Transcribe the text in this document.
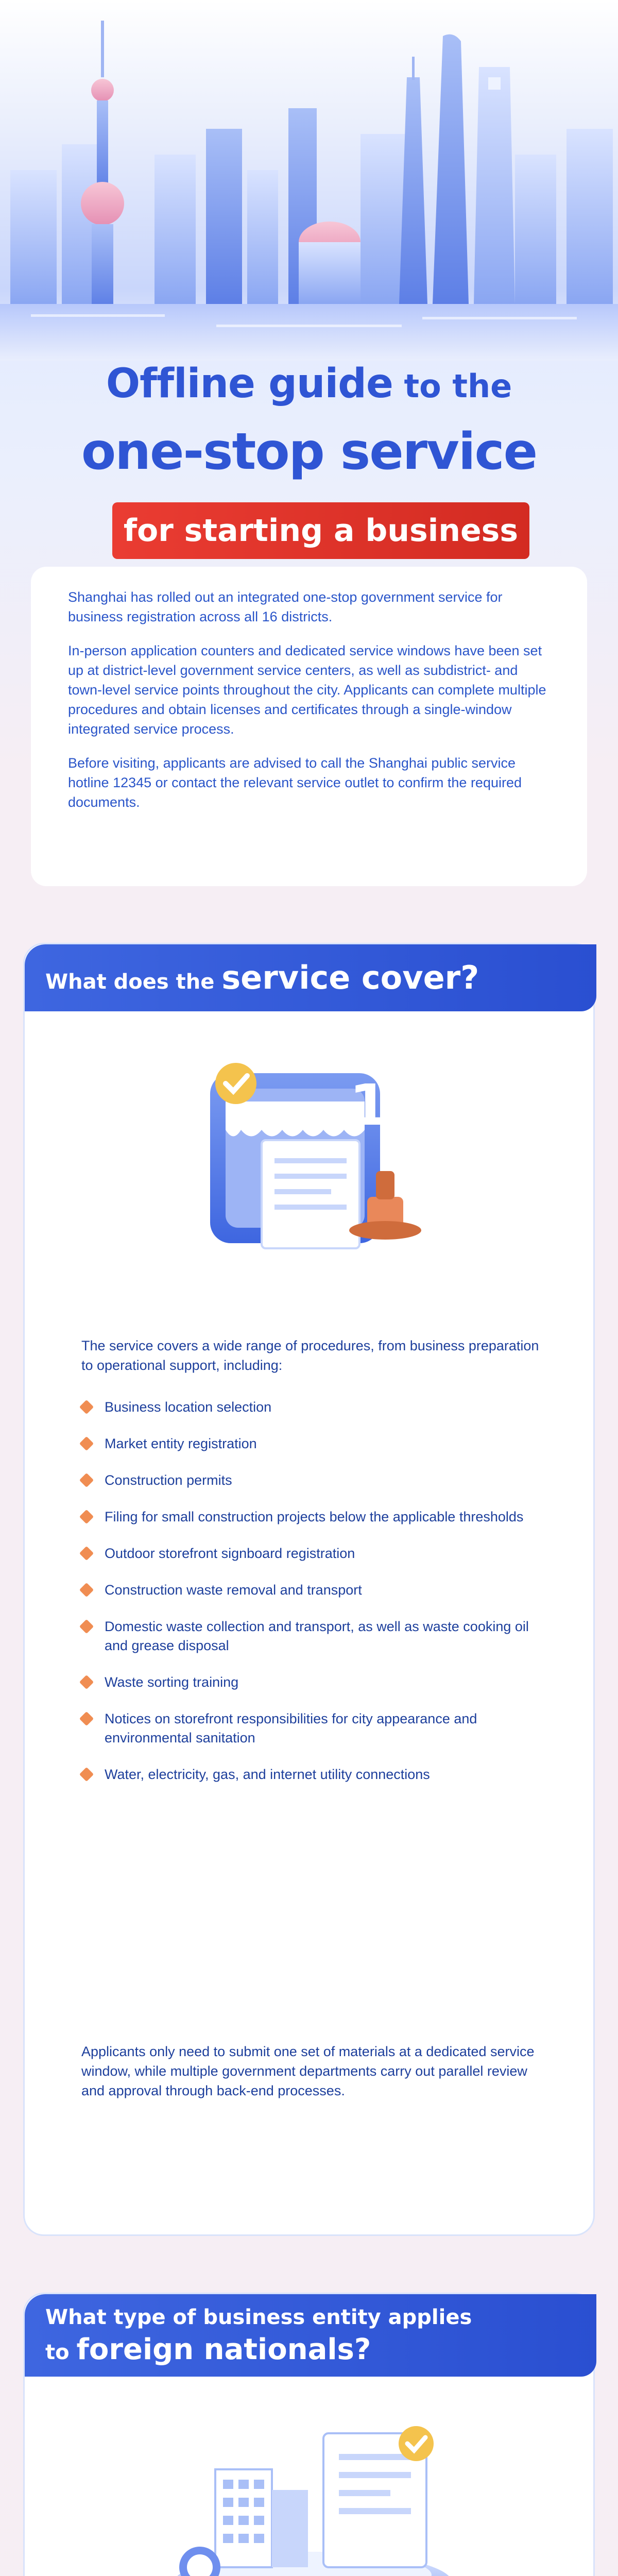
Offline guide to the
one-stop service
for starting a business

Shanghai has rolled out an integrated one-stop government service for business registration across all 16 districts.

In-person application counters and dedicated service windows have been set up at district-level government service centers, as well as subdistrict- and town-level service points throughout the city. Applicants can complete multiple procedures and obtain licenses and certificates through a single-window integrated service process.

Before visiting, applicants are advised to call the Shanghai public service hotline 12345 or contact the relevant service outlet to confirm the required documents.

What does the service cover?
1
The service covers a wide range of procedures, from business preparation to operational support, including:
Business location selection
Market entity registration
Construction permits
Filing for small construction projects below the applicable thresholds
Outdoor storefront signboard registration
Construction waste removal and transport
Domestic waste collection and transport, as well as waste cooking oil and grease disposal
Waste sorting training
Notices on storefront responsibilities for city appearance and environmental sanitation
Water, electricity, gas, and internet utility connections
Applicants only need to submit one set of materials at a dedicated service window, while multiple government departments carry out parallel review and approval through back-end processes.
What type of business entity applies
to foreign nationals?
